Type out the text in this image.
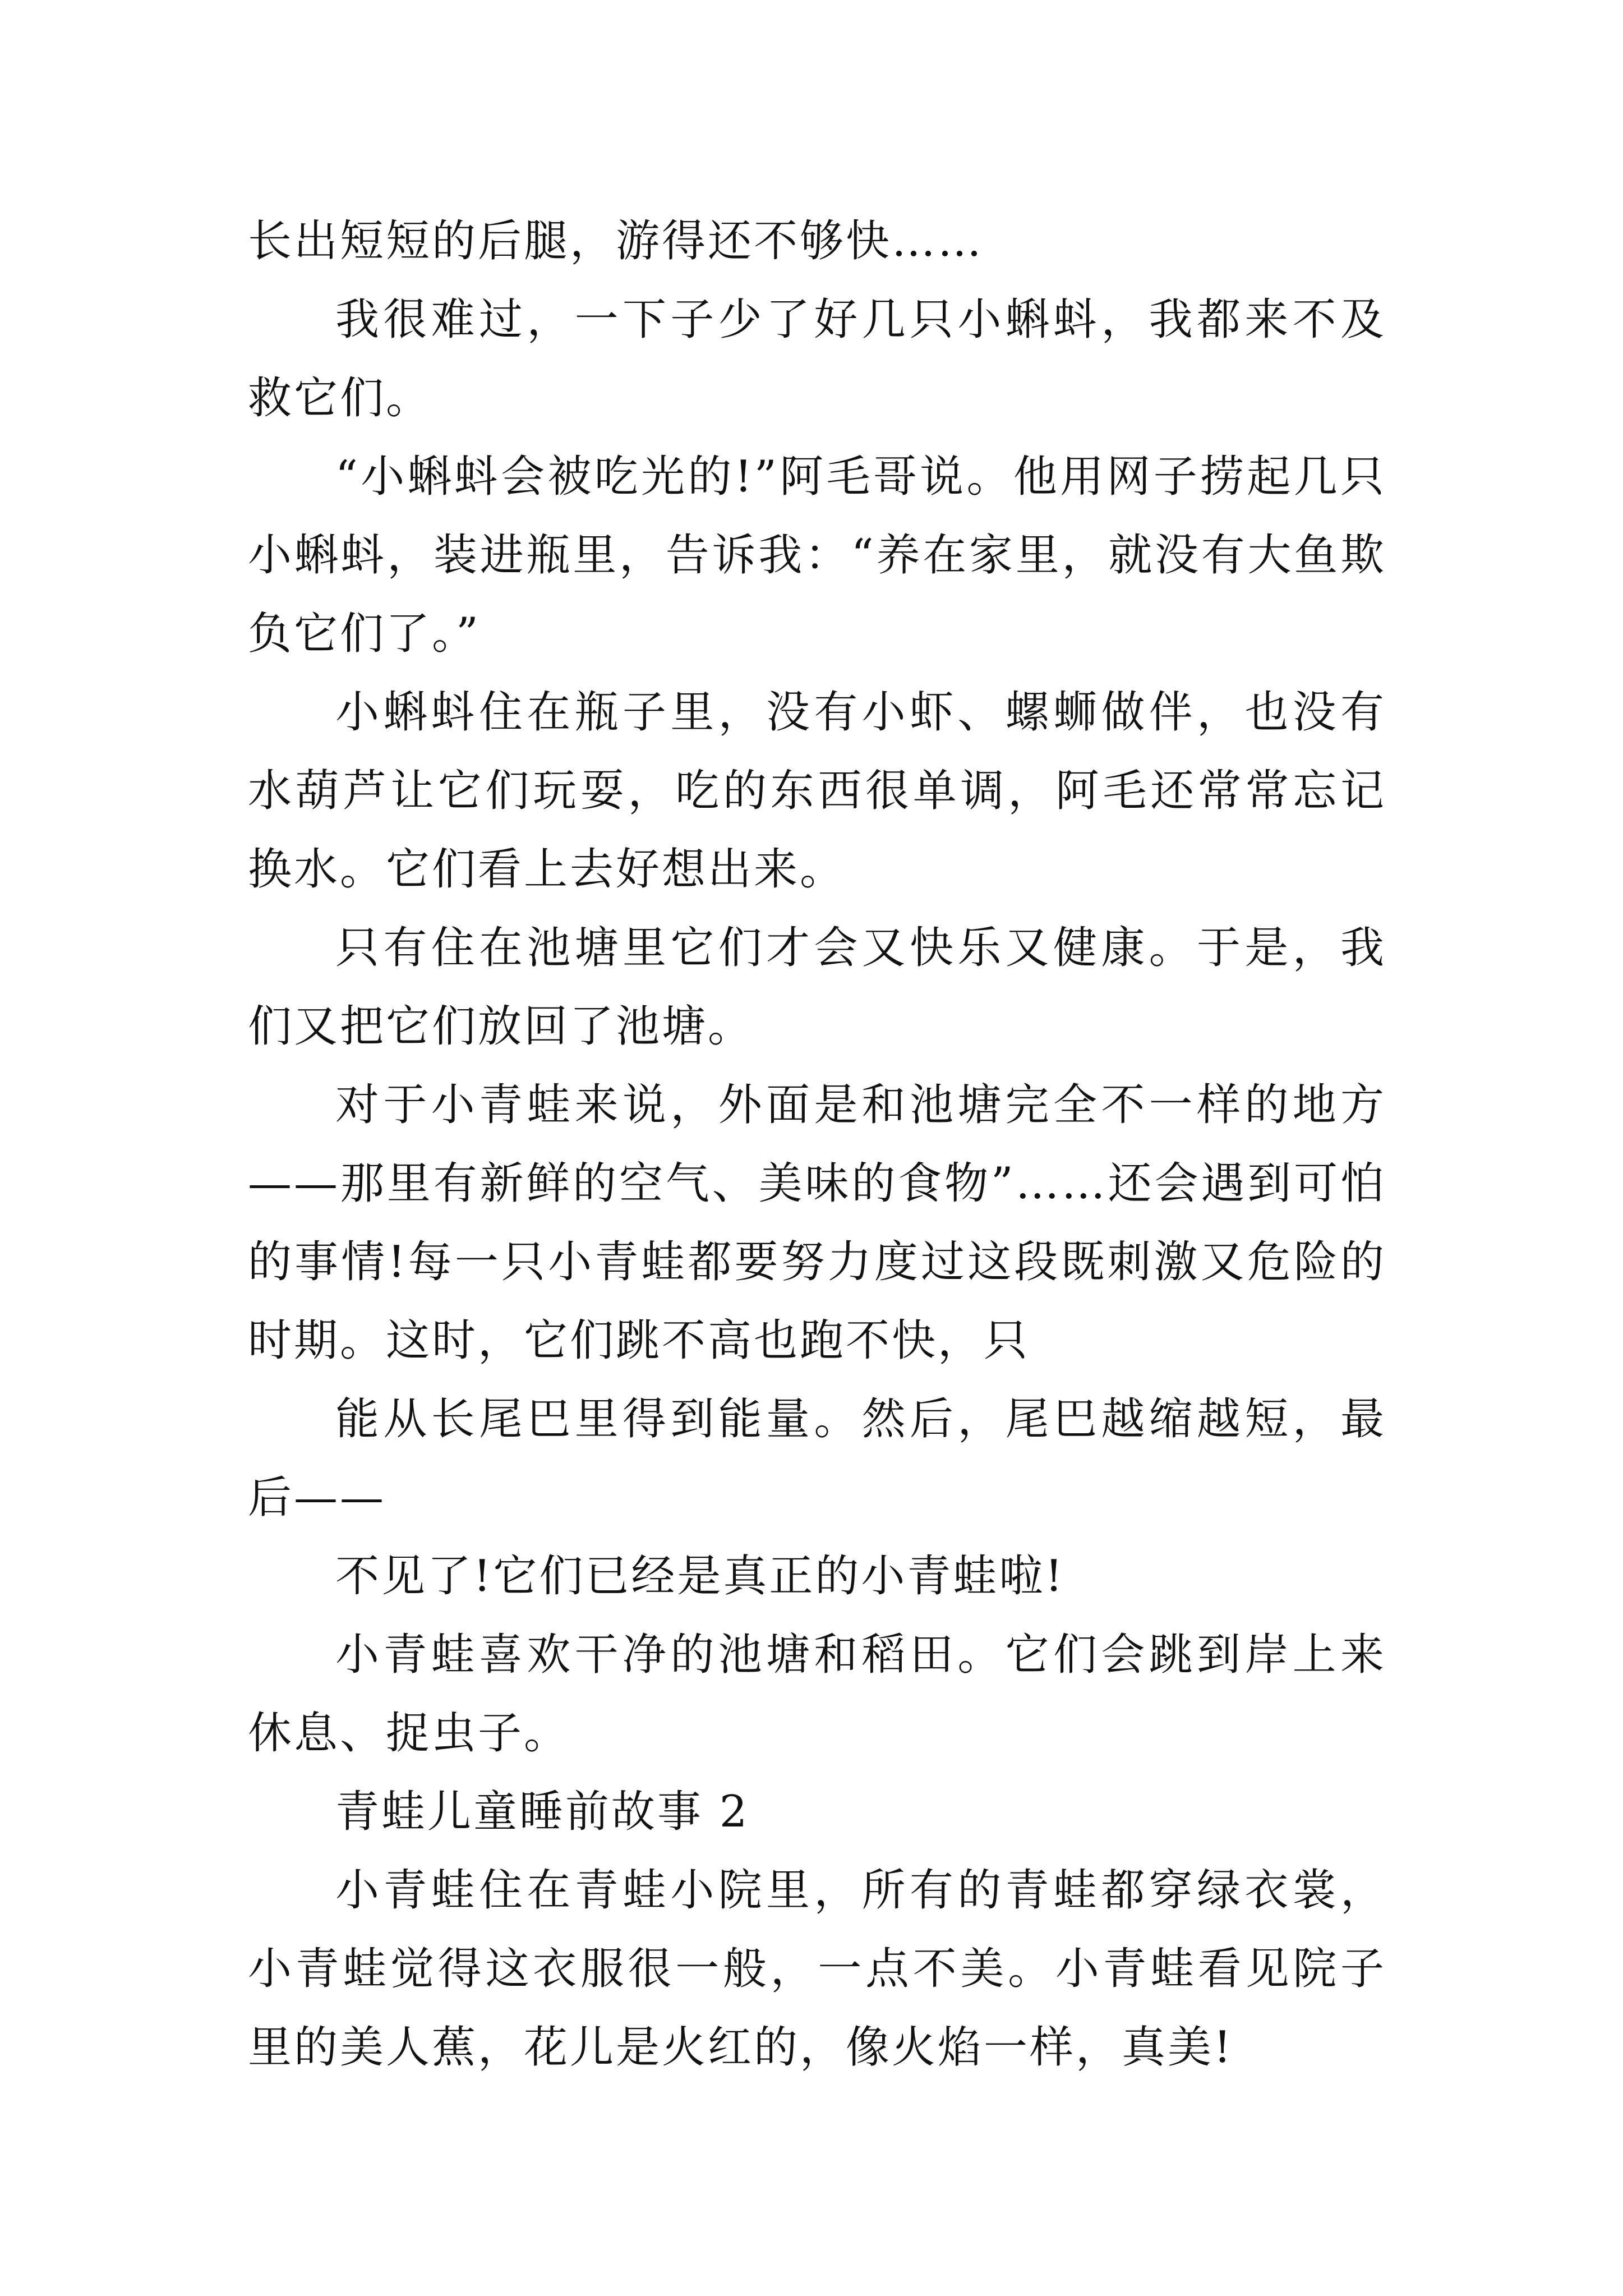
长出短短的后腿，游得还不够快……

我很难过，一下子少了好几只小蝌蚪，我都来不及救它们。

“小蝌蚪会被吃光的!”阿毛哥说。他用网子捞起几只小蝌蚪，装进瓶里，告诉我：“养在家里，就没有大鱼欺负它们了。”

小蝌蚪住在瓶子里，没有小虾、螺蛳做伴，也没有水葫芦让它们玩耍，吃的东西很单调，阿毛还常常忘记换水。它们看上去好想出来。

只有住在池塘里它们才会又快乐又健康。于是，我们又把它们放回了池塘。

对于小青蛙来说，外面是和池塘完全不一样的地方——那里有新鲜的空气、美味的食物”……还会遇到可怕的事情!每一只小青蛙都要努力度过这段既刺激又危险的时期。这时，它们跳不高也跑不快，只

能从长尾巴里得到能量。然后，尾巴越缩越短，最后——

不见了!它们已经是真正的小青蛙啦!

小青蛙喜欢干净的池塘和稻田。它们会跳到岸上来休息、捉虫子。

青蛙儿童睡前故事 2

小青蛙住在青蛙小院里，所有的青蛙都穿绿衣裳，小青蛙觉得这衣服很一般，一点不美。小青蛙看见院子里的美人蕉，花儿是火红的，像火焰一样，真美!
